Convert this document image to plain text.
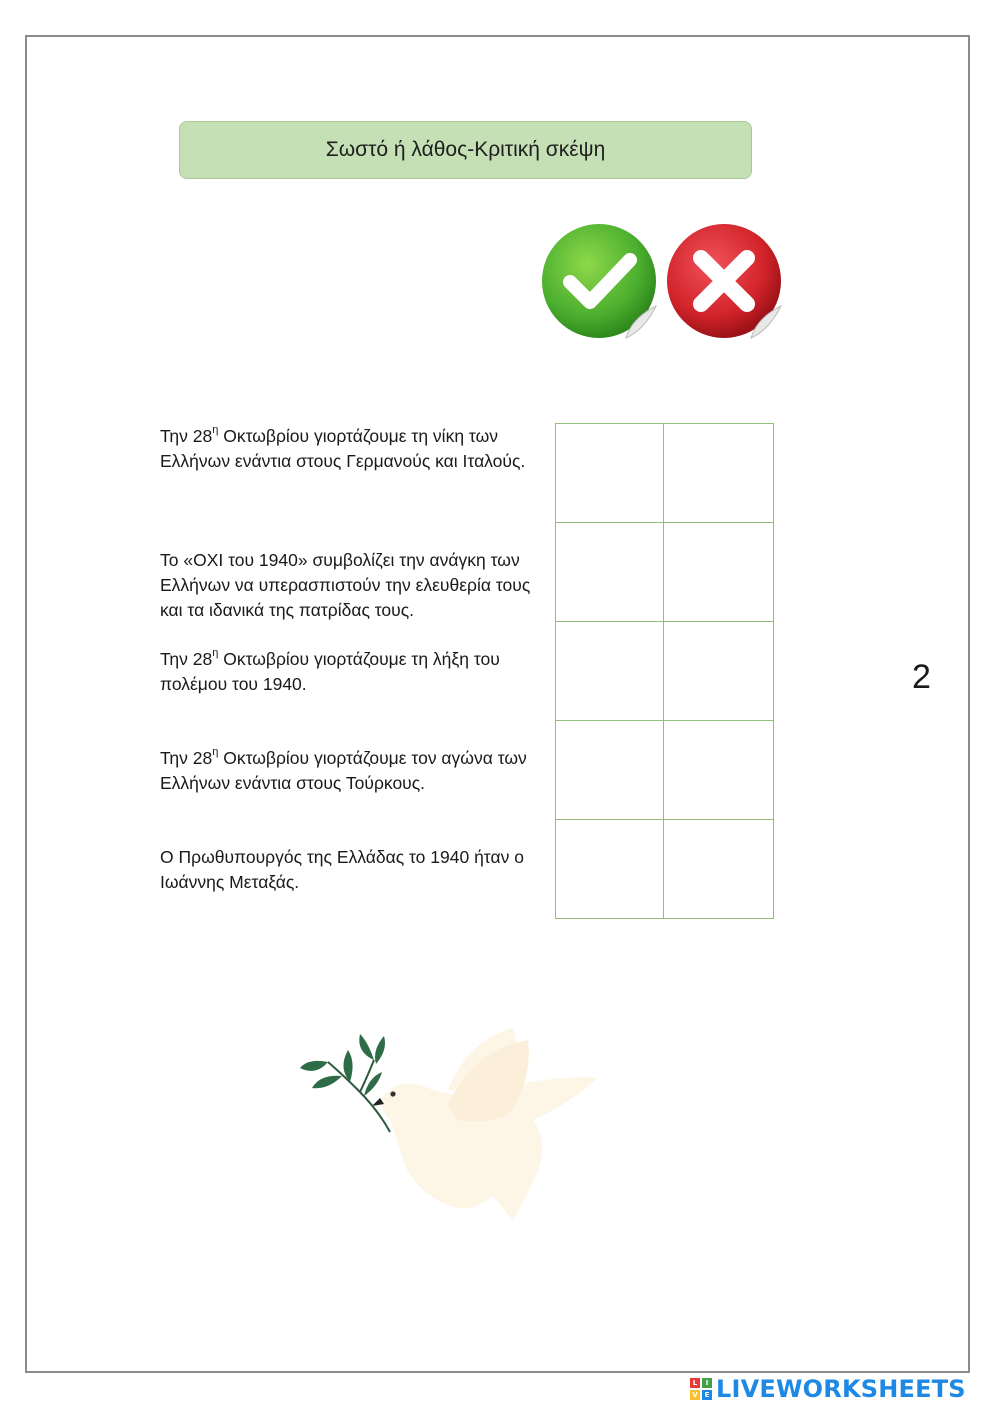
Σωστό ή λάθος-Κριτική σκέψη
Την $28^\eta$ Οκτωβρίου γιορτάζουμε τη νίκη των Ελλήνων ενάντια στους Γερμανούς και Ιταλούς.
Το «ΟΧΙ του 1940» συμβολίζει την ανάγκη των Ελλήνων να υπερασπιστούν την ελευθερία τους και τα ιδανικά της πατρίδας τους.
Την $28^\eta$ Οκτωβρίου γιορτάζουμε τη λήξη του πολέμου του 1940.
Την $28^\eta$ Οκτωβρίου γιορτάζουμε τον αγώνα των Ελλήνων ενάντια στους Τούρκους.
Ο Πρωθυπουργός της Ελλάδας το 1940 ήταν ο Ιωάννης Μεταξάς.

2
L	I
V E LIVEWORKSHEETS
